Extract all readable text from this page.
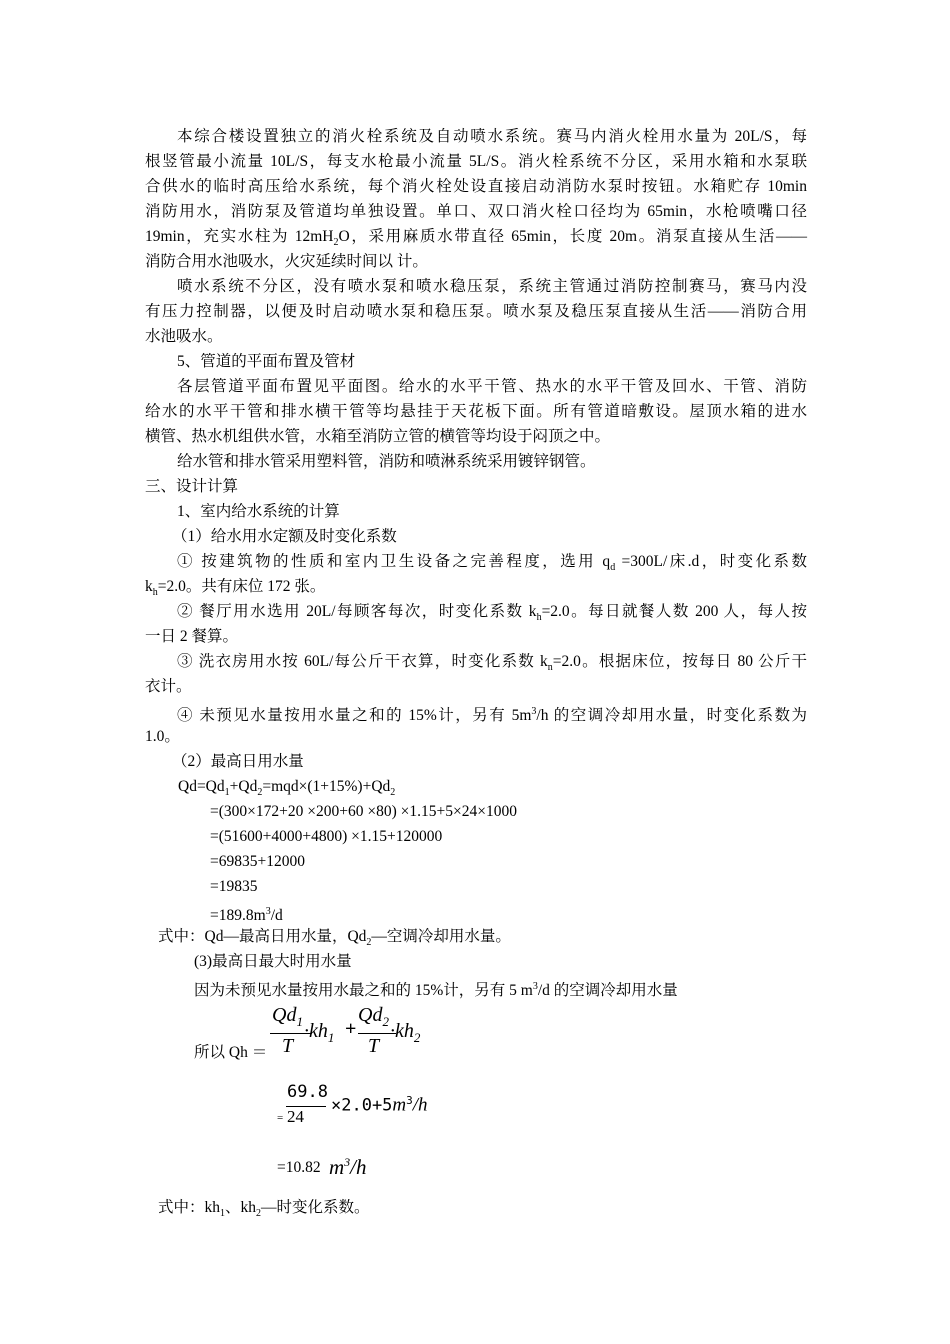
本综合楼设置独立的消火栓系统及自动喷水系统。赛马内消火栓用水量为 20L/S，每
根竖管最小流量 10L/S，每支水枪最小流量 5L/S。消火栓系统不分区，采用水箱和水泵联
合供水的临时高压给水系统，每个消火栓处设直接启动消防水泵时按钮。水箱贮存 10min
消防用水，消防泵及管道均单独设置。单口、双口消火栓口径均为 65min，水枪喷嘴口径
19min，充实水柱为 $12mH_2O$，采用麻质水带直径 65min，长度 20m。消泵直接从生活——
消防合用水池吸水，火灾延续时间以 计。
喷水系统不分区，没有喷水泵和喷水稳压泵，系统主管通过消防控制赛马，赛马内没
有压力控制器，以便及时启动喷水泵和稳压泵。喷水泵及稳压泵直接从生活——消防合用
水池吸水。
5、管道的平面布置及管材
各层管道平面布置见平面图。给水的水平干管、热水的水平干管及回水、干管、消防
给水的水平干管和排水横干管等均悬挂于天花板下面。所有管道暗敷设。屋顶水箱的进水
横管、热水机组供水管，水箱至消防立管的横管等均设于闷顶之中。
给水管和排水管采用塑料管，消防和喷淋系统采用镀锌钢管。
三、设计计算
1、室内给水系统的计算
（1）给水用水定额及时变化系数
① 按建筑物的性质和室内卫生设备之完善程度，选用 $q_d =300L/$床.d，时变化系数
$k_h=2.0$。共有床位 172 张。
② 餐厅用水选用 20L/每顾客每次，时变化系数 $k_h=2.0$。每日就餐人数 200 人，每人按
一日 2 餐算。
③ 洗衣房用水按 60L/每公斤干衣算，时变化系数 $k_n=2.0$。根据床位，按每日 80 公斤干
衣计。
④ 未预见水量按用水量之和的 15%计，另有 $5m^3/h$ 的空调冷却用水量，时变化系数为
1.0。
（2）最高日用水量
$Qd=Qd_1+Qd_2=mqd\times(1+15\%)+Qd_2$
=(300×172+20 ×200+60 ×80) ×1.15+5×24×1000
=(51600+4000+4800) ×1.15+120000
=69835+12000
=19835
$=189.8m^3/d$
式中：Qd—最高日用水量，$Qd_2—$空调冷却用水量。
(3)最高日最大时用水量
因为未预见水量按用水最之和的 15%计，另有 5 $m^3/d$ 的空调冷却用水量
所以 Qh ＝
$Qd_1$
T
$\cdot kh_1$ +
$Qd_2$
T
$\cdot kh_2$
69.8
= 24
$\times 2.0+5m^3/h$
=10.82 $m^3/h$
式中：$kh_1$、$kh_2—$时变化系数。
